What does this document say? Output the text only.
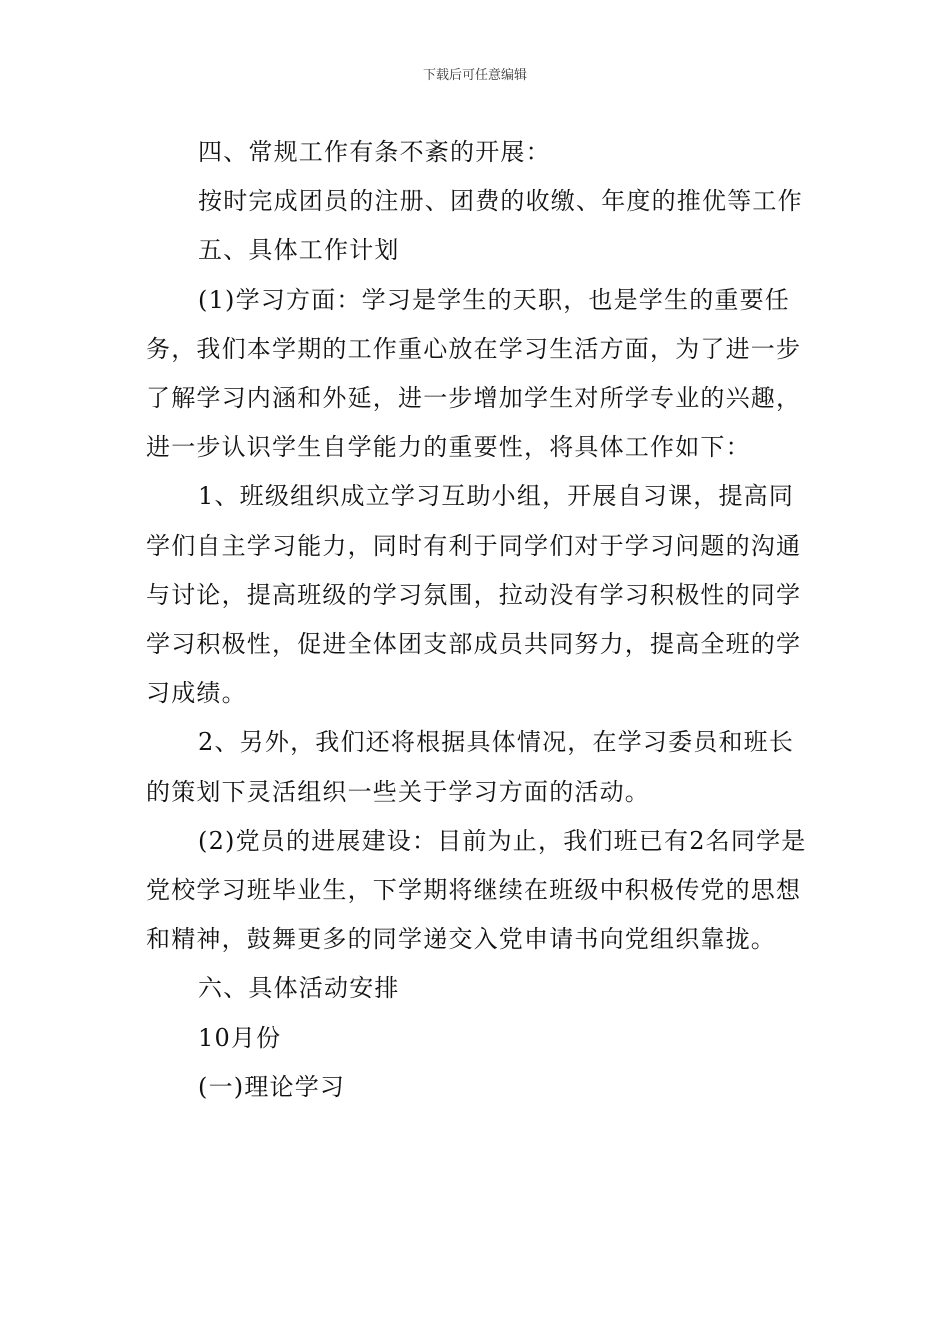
下载后可任意编辑

四、常规工作有条不紊的开展：

按时完成团员的注册、团费的收缴、年度的推优等工作

五、具体工作计划

(1)学习方面：学习是学生的天职，也是学生的重要任务，我们本学期的工作重心放在学习生活方面，为了进一步了解学习内涵和外延，进一步增加学生对所学专业的兴趣，进一步认识学生自学能力的重要性，将具体工作如下：

1、班级组织成立学习互助小组，开展自习课，提高同学们自主学习能力，同时有利于同学们对于学习问题的沟通与讨论，提高班级的学习氛围，拉动没有学习积极性的同学学习积极性，促进全体团支部成员共同努力，提高全班的学习成绩。

2、另外，我们还将根据具体情况，在学习委员和班长的策划下灵活组织一些关于学习方面的活动。

(2)党员的进展建设：目前为止，我们班已有2名同学是党校学习班毕业生，下学期将继续在班级中积极传党的思想和精神，鼓舞更多的同学递交入党申请书向党组织靠拢。

六、具体活动安排

10月份

(一)理论学习
